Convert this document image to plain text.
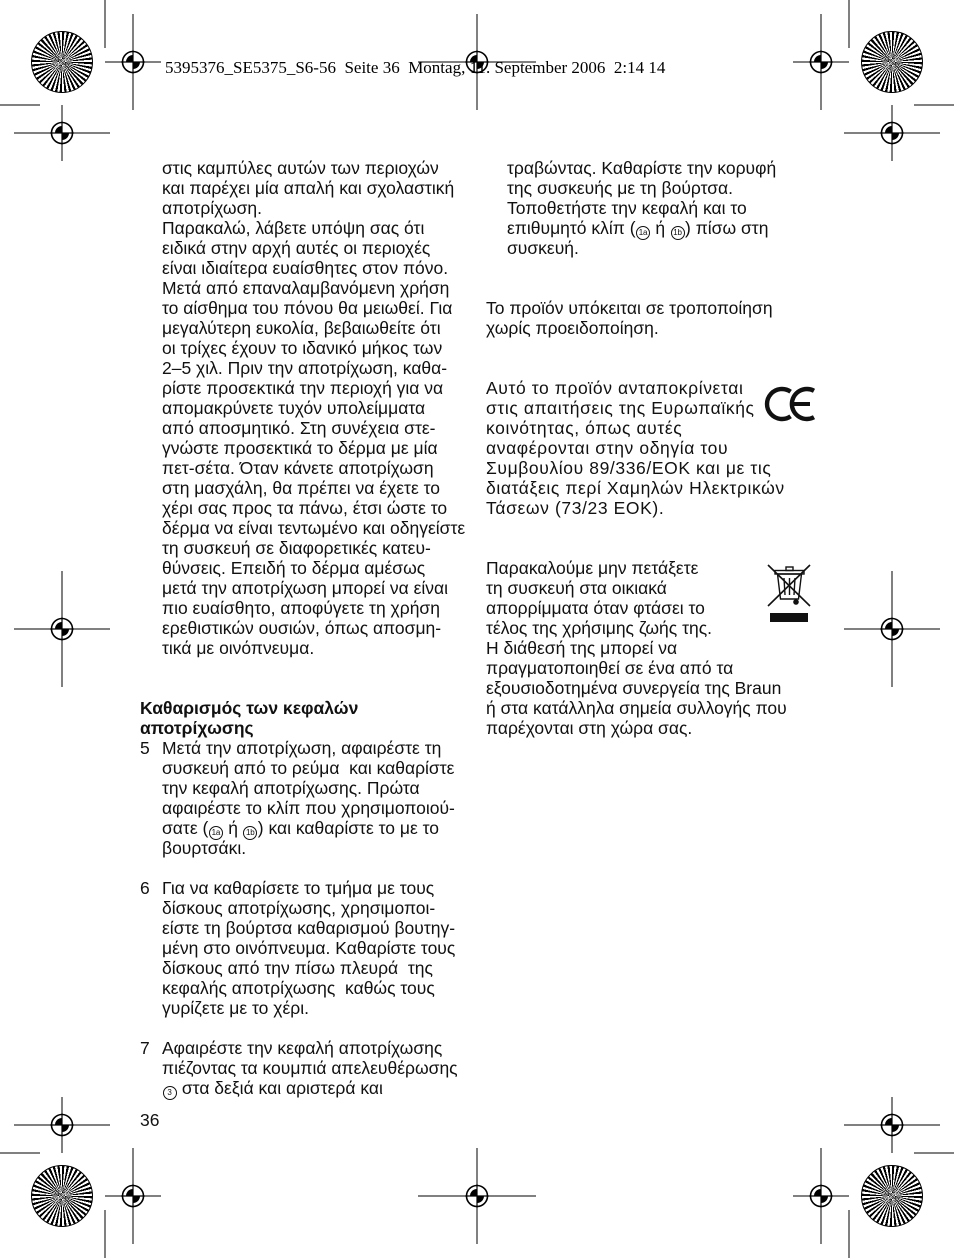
5395376_SE5375_S6-56  Seite 36  Montag, 11. September 2006  2:14 14
στις καμπύλες αυτών των περιοχών
και παρέχει μία απαλή και σχολαστική
αποτρίχωση.
Παρακαλώ, λάβετε υπόψη σας ότι
ειδικά στην αρχή αυτές οι περιοχές
είναι ιδιαίτερα ευαίσθητες στον πόνο.
Μετά από επαναλαμβανόμενη χρήση
το αίσθημα του πόνου θα μειωθεί. Για
μεγαλύτερη ευκολία, βεβαιωθείτε ότι
οι τρίχες έχουν το ιδανικό μήκος των
2–5 χιλ. Πριν την αποτρίχωση, καθα-
ρίστε προσεκτικά την περιοχή για να
απομακρύνετε τυχόν υπολείμματα
από αποσμητικό. Στη συνέχεια στε-
γνώστε προσεκτικά το δέρμα με μία
πετ-σέτα. Όταν κάνετε αποτρίχωση
στη μασχάλη, θα πρέπει να έχετε το
χέρι σας προς τα πάνω, έτσι ώστε το
δέρμα να είναι τεντωμένο και οδηγείστε
τη συσκευή σε διαφορετικές κατευ-
θύνσεις. Επειδή το δέρμα αμέσως
μετά την αποτρίχωση μπορεί να είναι
πιο ευαίσθητο, αποφύγετε τη χρήση
ερεθιστικών ουσιών, όπως αποσμη-
τικά με οινόπνευμα.
Καθαρισμός των κεφαλών
αποτρίχωσης
5 Μετά την αποτρίχωση, αφαιρέστε τη
συσκευή από το ρεύμα  και καθαρίστε
την κεφαλή αποτρίχωσης. Πρώτα
αφαιρέστε το κλίπ που χρησιμοποιού-
σατε ( 1a ή 1b ) και καθαρίστε το με το
βουρτσάκι.
6 Για να καθαρίσετε το τμήμα με τους
δίσκους αποτρίχωσης, χρησιμοποι-
είστε τη βούρτσα καθαρισμού βουτηγ-
μένη στο οινόπνευμα. Καθαρίστε τους
δίσκους από την πίσω πλευρά  της
κεφαλής αποτρίχωσης  καθώς τους
γυρίζετε με το χέρι.
7 Αφαιρέστε την κεφαλή αποτρίχωσης
πιέζοντας τα κουμπιά απελευθέρωσης
3 στα δεξιά και αριστερά και
36
τραβώντας. Καθαρίστε την κορυφή
της συσκευής με τη βούρτσα.
Τοποθετήστε την κεφαλή και το
επιθυμητό κλίπ ( 1a ή 1b ) πίσω στη
συσκευή.
Το προϊόν υπόκειται σε τροποποίηση
χωρίς προειδοποίηση.
Αυτό το προϊόν ανταποκρίνεται
στις απαιτήσεις της Ευρωπαϊκής
κοινότητας, όπως αυτές
αναφέρονται στην οδηγία του
Συμβουλίου 89/336/ΕΟΚ και με τις
διατάξεις περί Χαμηλών Ηλεκτρικών
Τάσεων (73/23 ΕΟΚ).
Παρακαλούμε μην πετάξετε
τη συσκευή στα οικιακά
απορρίμματα όταν φτάσει το
τέλος της χρήσιμης ζωής της.
Η διάθεσή της μπορεί να
πραγματοποιηθεί σε ένα από τα
εξουσιοδοτημένα συνεργεία της Braun
ή στα κατάλληλα σημεία συλλογής που
παρέχονται στη χώρα σας.
